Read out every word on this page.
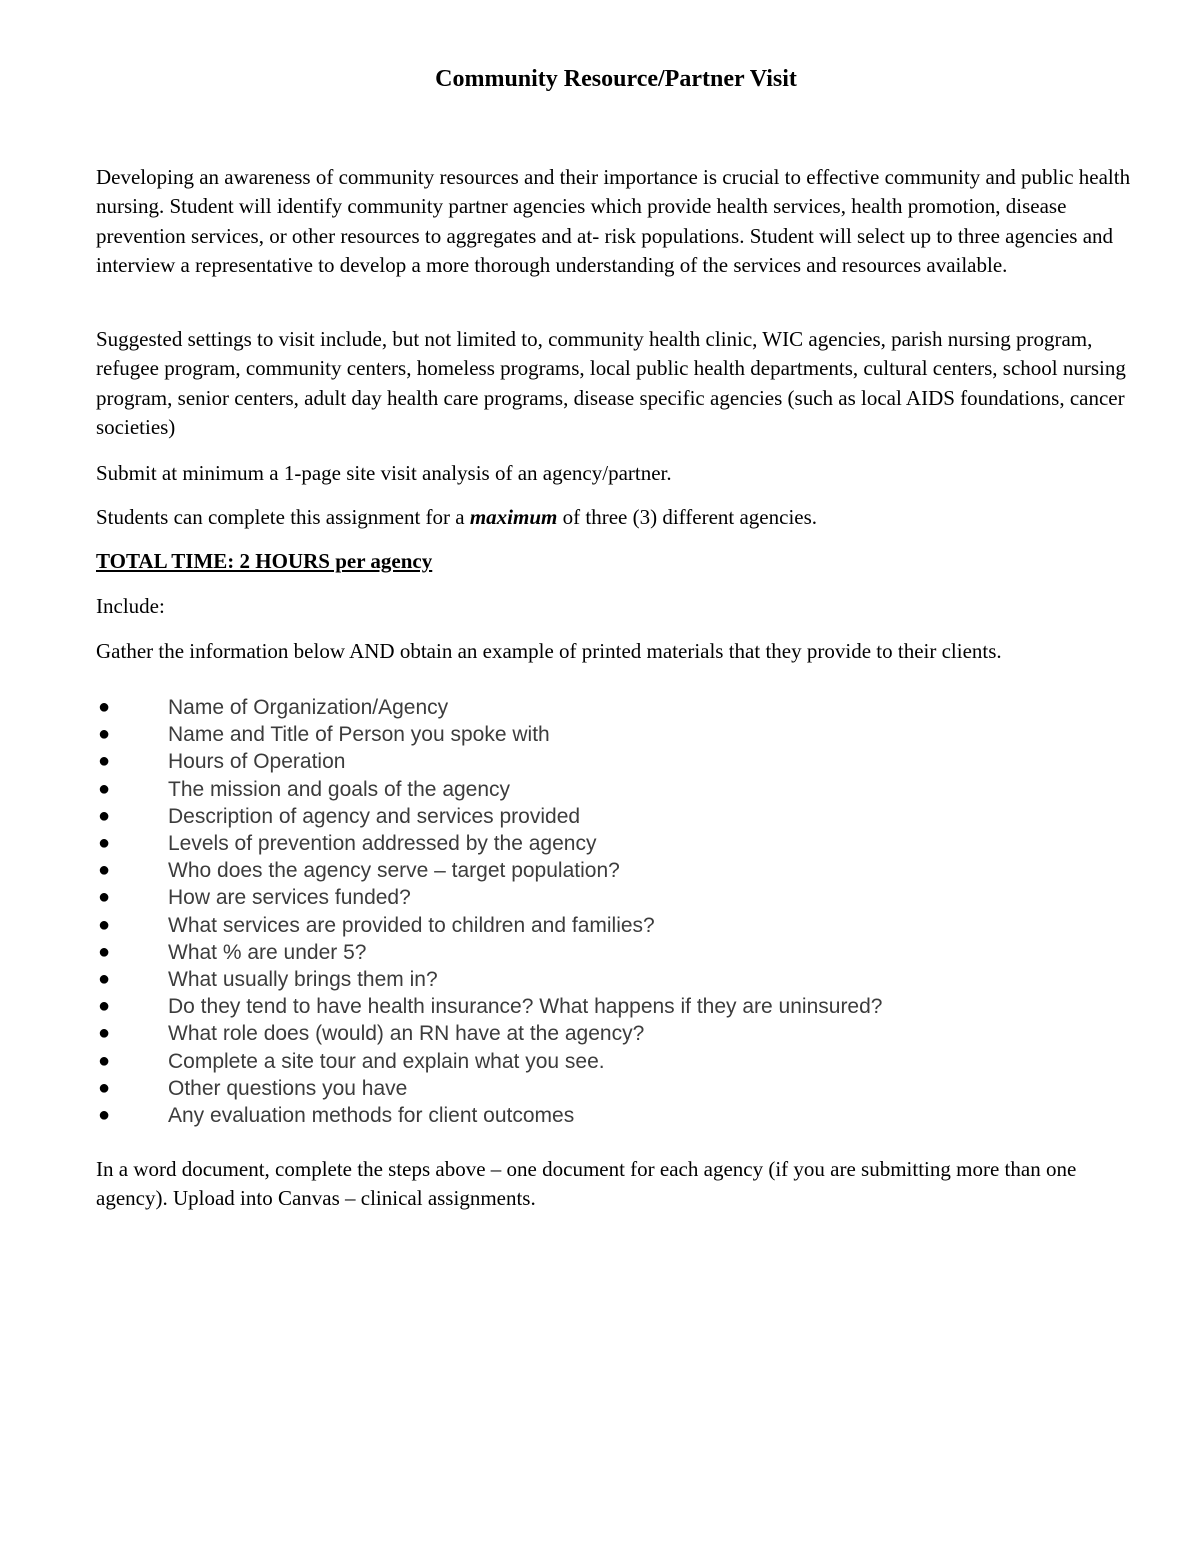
Community Resource/Partner Visit

Developing an awareness of community resources and their importance is crucial to effective community and public health nursing. Student will identify community partner agencies which provide health services, health promotion, disease prevention services, or other resources to aggregates and at- risk populations. Student will select up to three agencies and interview a representative to develop a more thorough understanding of the services and resources available.

Suggested settings to visit include, but not limited to, community health clinic, WIC agencies, parish nursing program, refugee program, community centers, homeless programs, local public health departments, cultural centers, school nursing program, senior centers, adult day health care programs, disease specific agencies (such as local AIDS foundations, cancer societies)

Submit at minimum a 1-page site visit analysis of an agency/partner.

Students can complete this assignment for a maximum of three (3) different agencies.

TOTAL TIME: 2 HOURS per agency

Include:

Gather the information below AND obtain an example of printed materials that they provide to their clients.

●	Name of Organization/Agency
●	Name and Title of Person you spoke with
●	Hours of Operation
●	The mission and goals of the agency
●	Description of agency and services provided
●	Levels of prevention addressed by the agency
●	Who does the agency serve – target population?
●	How are services funded?
●	What services are provided to children and families?
●	What % are under 5?
●	What usually brings them in?
●	Do they tend to have health insurance? What happens if they are uninsured?
●	What role does (would) an RN have at the agency?
●	Complete a site tour and explain what you see.
●	Other questions you have
●	Any evaluation methods for client outcomes

In a word document, complete the steps above – one document for each agency (if you are submitting more than one agency). Upload into Canvas – clinical assignments.
